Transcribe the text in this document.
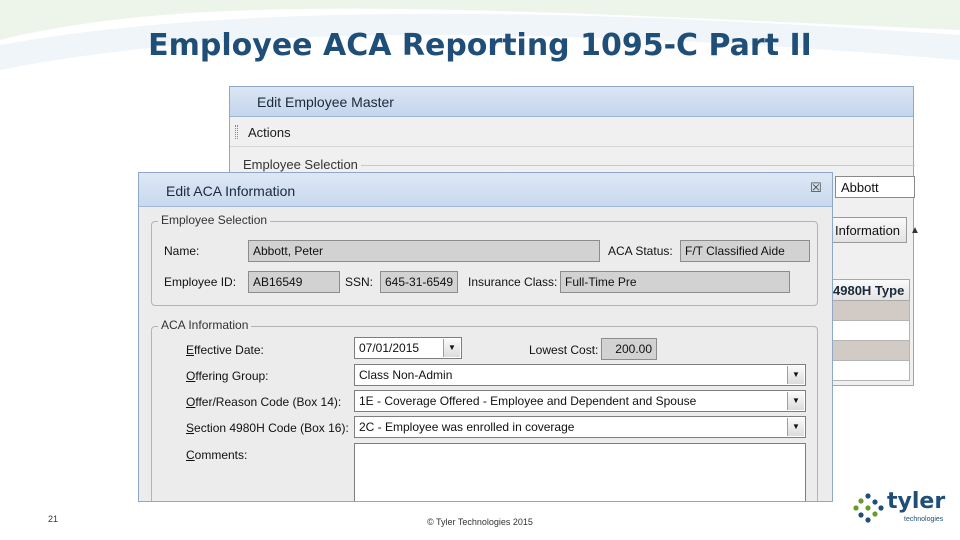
Employee ACA Reporting 1095-C Part II
Edit Employee Master
Actions
Employee Selection
Abbott
Information ▲
4980H Type
Edit ACA Information	☒
Employee Selection
Name:	Abbott, Peter	ACA Status:	F/T Classified Aide
Employee ID:	AB16549	SSN: 645-31-6549	Insurance Class: Full-Time Pre
ACA Information
Effective Date:	07/01/2015	▼	Lowest Cost:	200.00
Offering Group:	Class Non-Admin	▼
Offer/Reason Code (Box 14):	1E - Coverage Offered - Employee and Dependent and Spouse	▼
Section 4980H Code (Box 16): 2C - Employee was enrolled in coverage	▼
Comments:
21	© Tyler Technologies 2015
tyler
technologies
